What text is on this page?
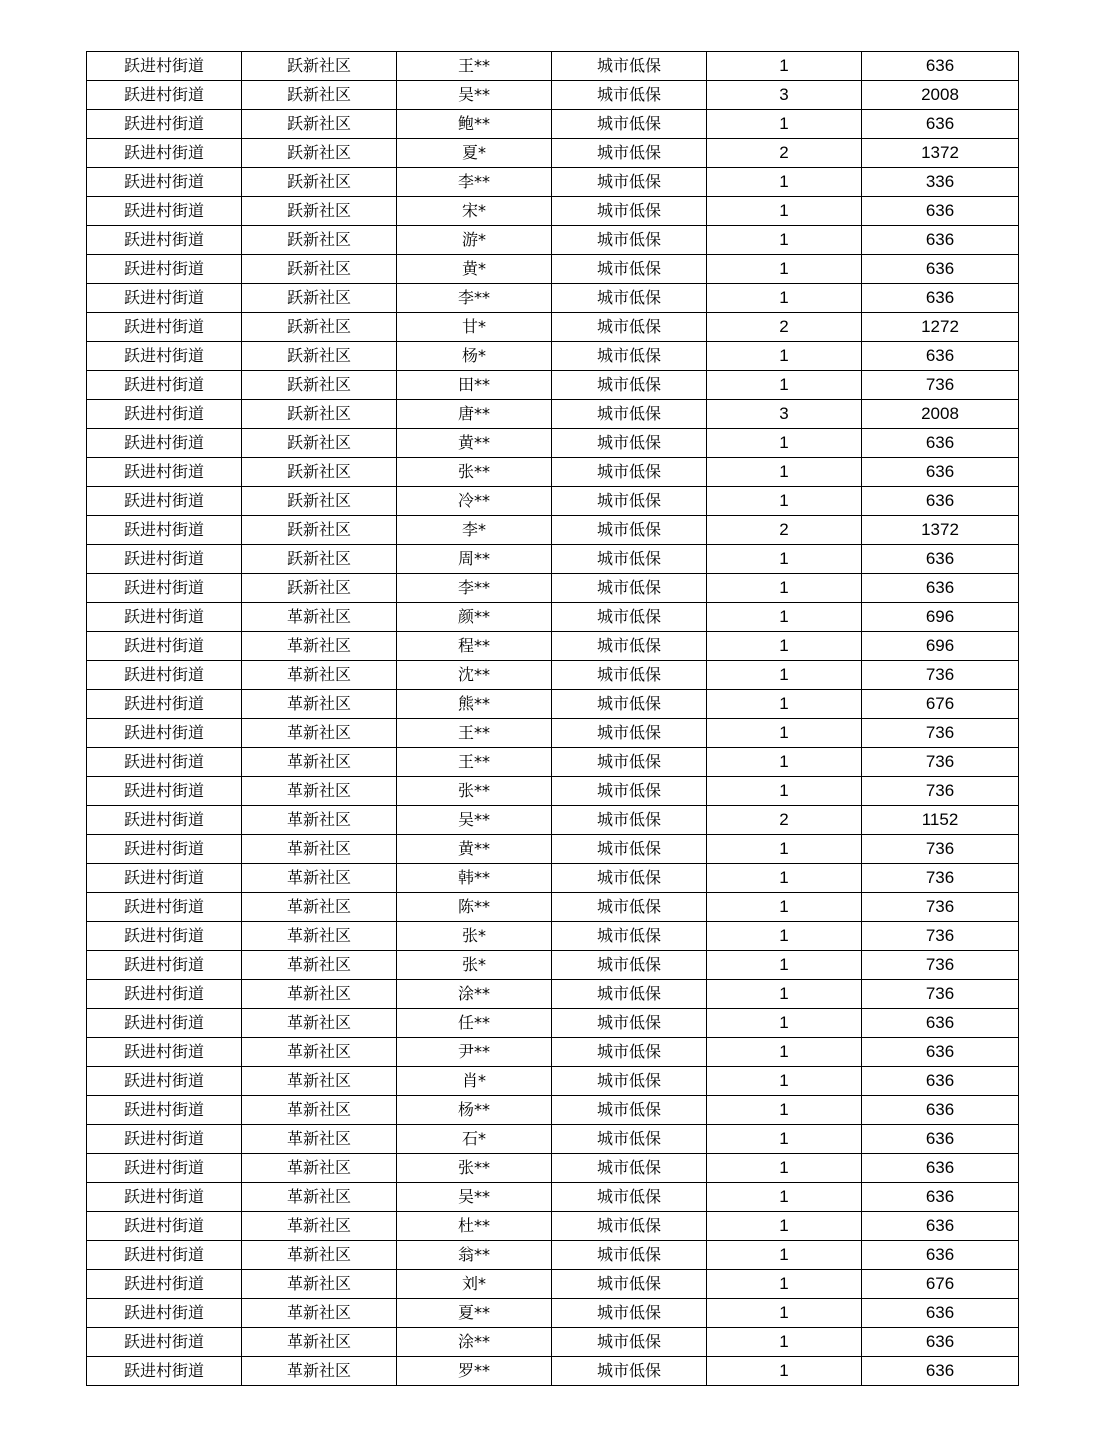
跃进村街道	跃新社区	王**	城市低保	1	636
跃进村街道	跃新社区	吴**	城市低保	3	2008
跃进村街道	跃新社区	鲍**	城市低保	1	636
跃进村街道	跃新社区	夏*	城市低保	2	1372
跃进村街道	跃新社区	李**	城市低保	1	336
跃进村街道	跃新社区	宋*	城市低保	1	636
跃进村街道	跃新社区	游*	城市低保	1	636
跃进村街道	跃新社区	黄*	城市低保	1	636
跃进村街道	跃新社区	李**	城市低保	1	636
跃进村街道	跃新社区	甘*	城市低保	2	1272
跃进村街道	跃新社区	杨*	城市低保	1	636
跃进村街道	跃新社区	田**	城市低保	1	736
跃进村街道	跃新社区	唐**	城市低保	3	2008
跃进村街道	跃新社区	黄**	城市低保	1	636
跃进村街道	跃新社区	张**	城市低保	1	636
跃进村街道	跃新社区	冷**	城市低保	1	636
跃进村街道	跃新社区	李*	城市低保	2	1372
跃进村街道	跃新社区	周**	城市低保	1	636
跃进村街道	跃新社区	李**	城市低保	1	636
跃进村街道	革新社区	颜**	城市低保	1	696
跃进村街道	革新社区	程**	城市低保	1	696
跃进村街道	革新社区	沈**	城市低保	1	736
跃进村街道	革新社区	熊**	城市低保	1	676
跃进村街道	革新社区	王**	城市低保	1	736
跃进村街道	革新社区	王**	城市低保	1	736
跃进村街道	革新社区	张**	城市低保	1	736
跃进村街道	革新社区	吴**	城市低保	2	1152
跃进村街道	革新社区	黄**	城市低保	1	736
跃进村街道	革新社区	韩**	城市低保	1	736
跃进村街道	革新社区	陈**	城市低保	1	736
跃进村街道	革新社区	张*	城市低保	1	736
跃进村街道	革新社区	张*	城市低保	1	736
跃进村街道	革新社区	涂**	城市低保	1	736
跃进村街道	革新社区	任**	城市低保	1	636
跃进村街道	革新社区	尹**	城市低保	1	636
跃进村街道	革新社区	肖*	城市低保	1	636
跃进村街道	革新社区	杨**	城市低保	1	636
跃进村街道	革新社区	石*	城市低保	1	636
跃进村街道	革新社区	张**	城市低保	1	636
跃进村街道	革新社区	吴**	城市低保	1	636
跃进村街道	革新社区	杜**	城市低保	1	636
跃进村街道	革新社区	翁**	城市低保	1	636
跃进村街道	革新社区	刘*	城市低保	1	676
跃进村街道	革新社区	夏**	城市低保	1	636
跃进村街道	革新社区	涂**	城市低保	1	636
跃进村街道	革新社区	罗**	城市低保	1	636
